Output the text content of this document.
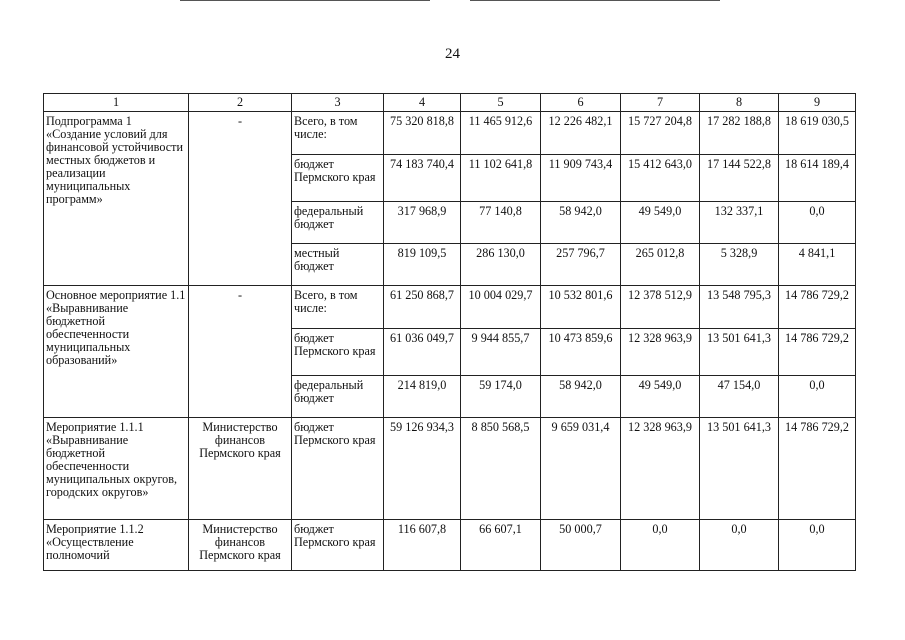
24
1	2	3	4	5	6	7	8	9
Подпрограмма 1 «Создание условий для финансовой устойчивости местных бюджетов и реализации муниципальных программ»	-	Всего, в том числе:	75 320 818,8	11 465 912,6	12 226 482,1	15 727 204,8	17 282 188,8	18 619 030,5
		бюджет Пермского края	74 183 740,4	11 102 641,8	11 909 743,4	15 412 643,0	17 144 522,8	18 614 189,4
		федеральный бюджет	317 968,9	77 140,8	58 942,0	49 549,0	132 337,1	0,0
		местный бюджет	819 109,5	286 130,0	257 796,7	265 012,8	5 328,9	4 841,1
Основное мероприятие 1.1 «Выравнивание бюджетной обеспеченности муниципальных образований»	-	Всего, в том числе:	61 250 868,7	10 004 029,7	10 532 801,6	12 378 512,9	13 548 795,3	14 786 729,2
		бюджет Пермского края	61 036 049,7	9 944 855,7	10 473 859,6	12 328 963,9	13 501 641,3	14 786 729,2
		федеральный бюджет	214 819,0	59 174,0	58 942,0	49 549,0	47 154,0	0,0
Мероприятие 1.1.1 «Выравнивание бюджетной обеспеченности муниципальных округов, городских округов»	Министерство финансов Пермского края	бюджет Пермского края	59 126 934,3	8 850 568,5	9 659 031,4	12 328 963,9	13 501 641,3	14 786 729,2
Мероприятие 1.1.2 «Осуществление полномочий	Министерство финансов Пермского края	бюджет Пермского края	116 607,8	66 607,1	50 000,7	0,0	0,0	0,0
